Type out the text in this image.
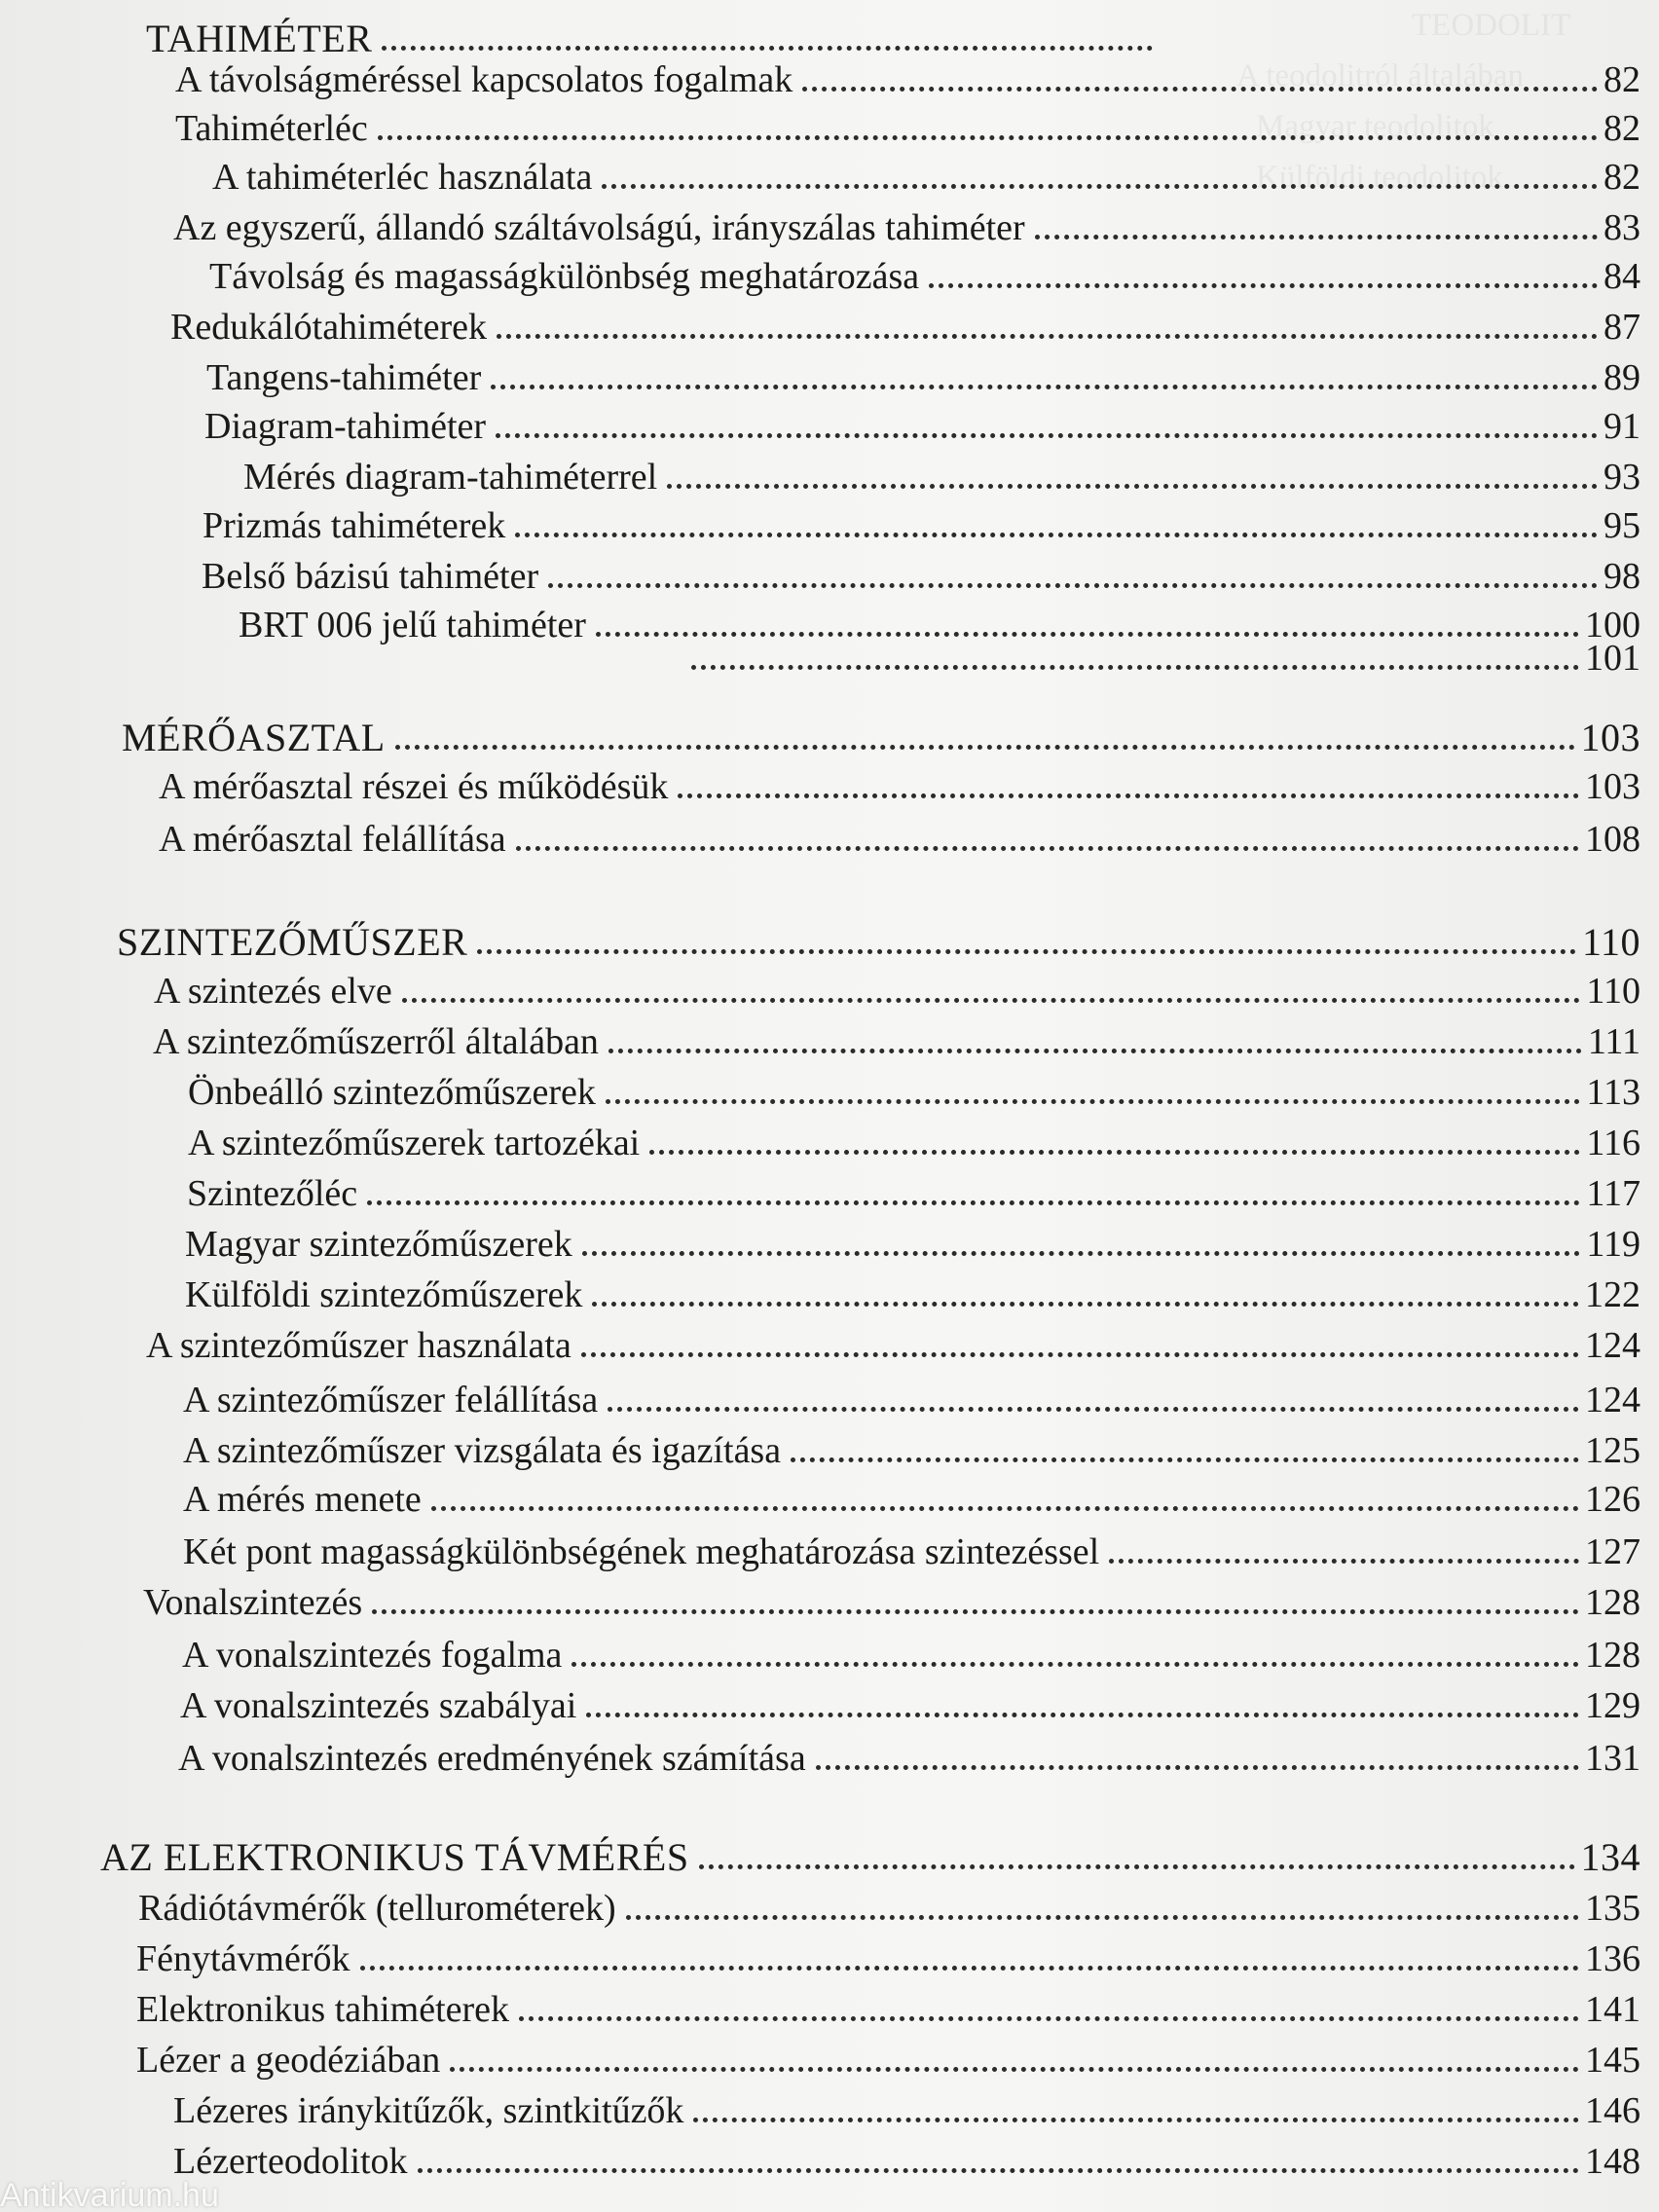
TEODOLIT
A teodolitról általában
Magyar teodolitok
Külföldi teodolitok
TAHIMÉTER
A távolságméréssel kapcsolatos fogalmak	82
Tahiméterléc	82
A tahiméterléc használata	82
Az egyszerű, állandó száltávolságú, irányszálas tahiméter	83
Távolság és magasságkülönbség meghatározása	84
Redukálótahiméterek	87
Tangens-tahiméter	89
Diagram-tahiméter	91
Mérés diagram-tahiméterrel	93
Prizmás tahiméterek	95
Belső bázisú tahiméter	98
BRT 006 jelű tahiméter	100
101
MÉRŐASZTAL	103
A mérőasztal részei és működésük	103
A mérőasztal felállítása	108
SZINTEZŐMŰSZER	110
A szintezés elve	110
A szintezőműszerről általában	111
Önbeálló szintezőműszerek	113
A szintezőműszerek tartozékai	116
Szintezőléc	117
Magyar szintezőműszerek	119
Külföldi szintezőműszerek	122
A szintezőműszer használata	124
A szintezőműszer felállítása	124
A szintezőműszer vizsgálata és igazítása	125
A mérés menete	126
Két pont magasságkülönbségének meghatározása szintezéssel	127
Vonalszintezés	128
A vonalszintezés fogalma	128
A vonalszintezés szabályai	129
A vonalszintezés eredményének számítása	131
AZ ELEKTRONIKUS TÁVMÉRÉS	134
Rádiótávmérők (tellurométerek)	135
Fénytávmérők	136
Elektronikus tahiméterek	141
Lézer a geodéziában	145
Lézeres iránykitűzők, szintkitűzők	146
Lézerteodolitok	148
Antikvarium.hu
